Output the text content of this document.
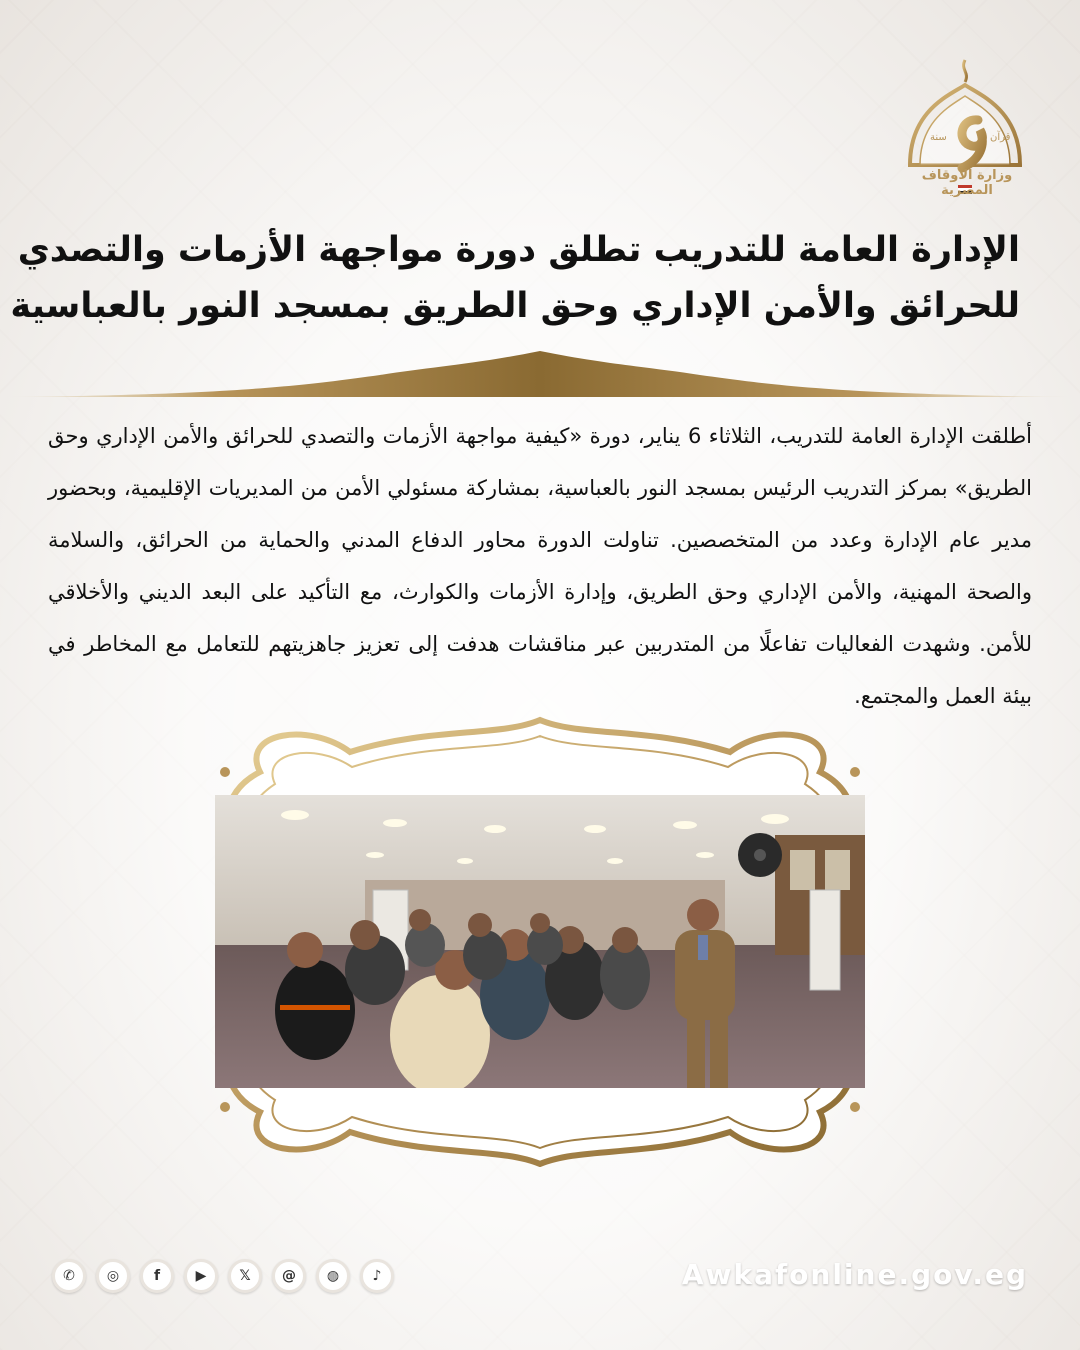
سنة	قرآن
وزارة الأوقاف المصرية
الإدارة العامة للتدريب تطلق دورة مواجهة الأزمات والتصدي
للحرائق والأمن الإداري وحق الطريق بمسجد النور بالعباسية
أطلقت الإدارة العامة للتدريب، الثلاثاء 6 يناير، دورة «كيفية مواجهة الأزمات والتصدي للحرائق والأمن الإداري وحق الطريق» بمركز التدريب الرئيس بمسجد النور بالعباسية، بمشاركة مسئولي الأمن من المديريات الإقليمية، وبحضور مدير عام الإدارة وعدد من المتخصصين. تناولت الدورة محاور الدفاع المدني والحماية من الحرائق، والسلامة والصحة المهنية، والأمن الإداري وحق الطريق، وإدارة الأزمات والكوارث، مع التأكيد على البعد الديني والأخلاقي للأمن. وشهدت الفعاليات تفاعلًا من المتدربين عبر مناقشات هدفت إلى تعزيز جاهزيتهم للتعامل مع المخاطر في بيئة العمل والمجتمع.
✆	◎	f	▶	𝕏	@	◍	♪	Awkafonline.gov.eg
